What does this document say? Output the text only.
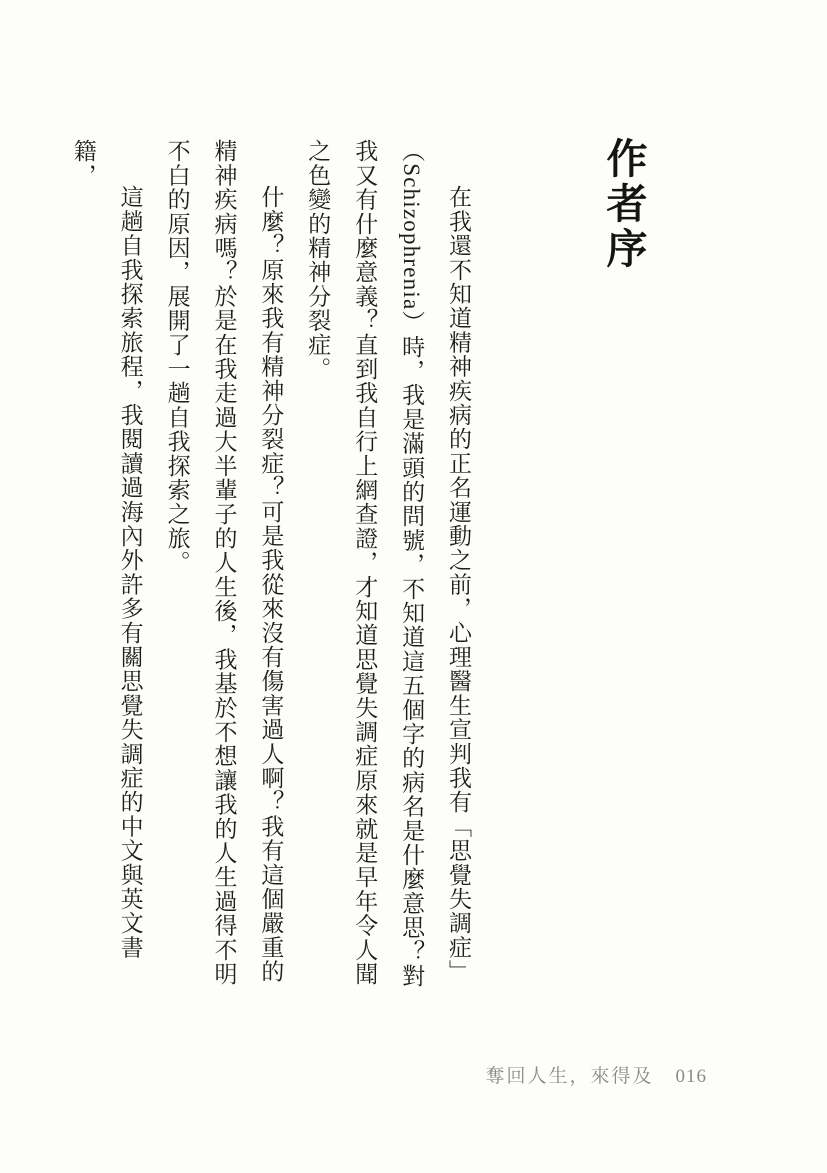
作者序

在我還不知道精神疾病的正名運動之前，心理醫生宣判我有「思覺失調症」（Schizophrenia）時，我是滿頭的問號，不知道這五個字的病名是什麼意思？對我又有什麼意義？直到我自行上網查證，才知道思覺失調症原來就是早年令人聞之色變的精神分裂症。

什麼？原來我有精神分裂症？可是我從來沒有傷害過人啊？我有這個嚴重的精神疾病嗎？於是在我走過大半輩子的人生後，我基於不想讓我的人生過得不明不白的原因，展開了一趟自我探索之旅。

這趟自我探索旅程，我閱讀過海內外許多有關思覺失調症的中文與英文書籍，

奪回人生，來得及 016
